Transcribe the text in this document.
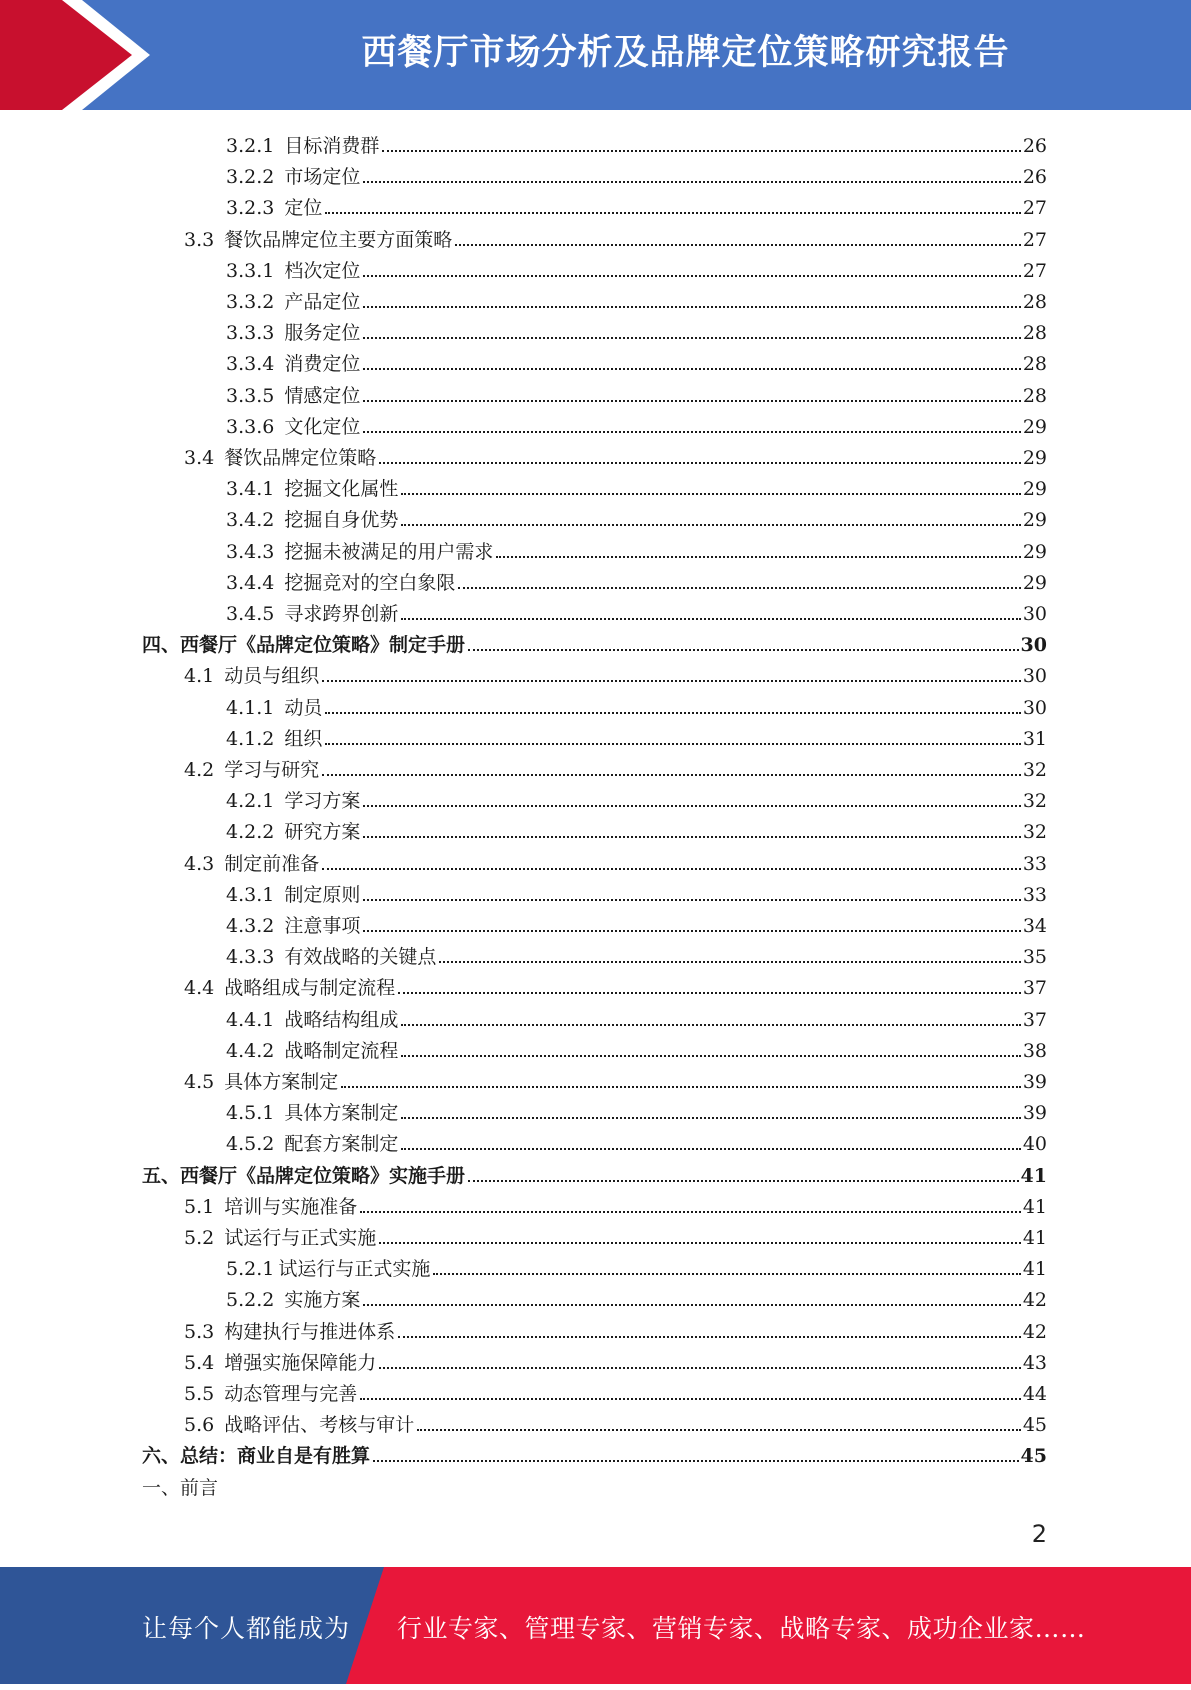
西餐厅市场分析及品牌定位策略研究报告
3.2.1 目标消费群	26
3.2.2 市场定位	26
3.2.3 定位	27
3.3 餐饮品牌定位主要方面策略	27
3.3.1 档次定位	27
3.3.2 产品定位	28
3.3.3 服务定位	28
3.3.4 消费定位	28
3.3.5 情感定位	28
3.3.6 文化定位	29
3.4 餐饮品牌定位策略	29
3.4.1 挖掘文化属性	29
3.4.2 挖掘自身优势	29
3.4.3 挖掘未被满足的用户需求	29
3.4.4 挖掘竞对的空白象限	29
3.4.5 寻求跨界创新	30
四、西餐厅《品牌定位策略》制定手册	30
4.1 动员与组织	30
4.1.1 动员	30
4.1.2 组织	31
4.2 学习与研究	32
4.2.1 学习方案	32
4.2.2 研究方案	32
4.3 制定前准备	33
4.3.1 制定原则	33
4.3.2 注意事项	34
4.3.3 有效战略的关键点	35
4.4 战略组成与制定流程	37
4.4.1 战略结构组成	37
4.4.2 战略制定流程	38
4.5 具体方案制定	39
4.5.1 具体方案制定	39
4.5.2 配套方案制定	40
五、西餐厅《品牌定位策略》实施手册	41
5.1 培训与实施准备	41
5.2 试运行与正式实施	41
5.2.1 试运行与正式实施	41
5.2.2 实施方案	42
5.3 构建执行与推进体系	42
5.4 增强实施保障能力	43
5.5 动态管理与完善	44
5.6 战略评估、考核与审计	45
六、总结：商业自是有胜算	45
一、前言
2
让每个人都能成为 行业专家、管理专家、营销专家、战略专家、成功企业家……
